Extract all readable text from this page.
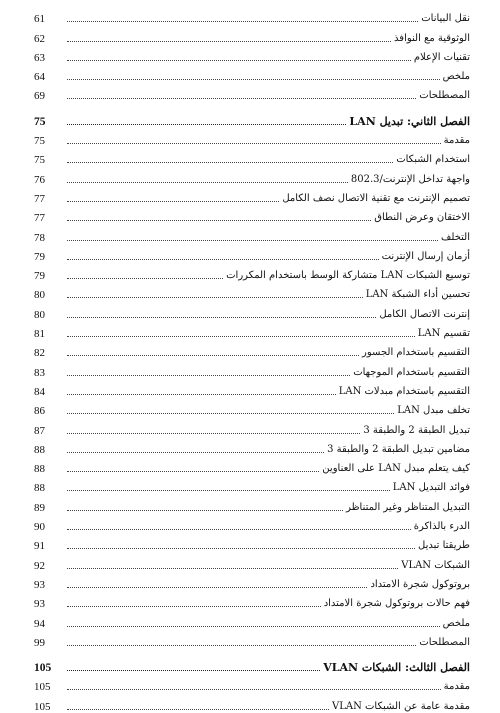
نقل البيانات
61
الوثوقية مع النوافذ
62
تقنيات الإعلام
63
ملخص
64
المصطلحات
69
الفصل الثاني: تبديل LAN
75
مقدمة
75
استخدام الشبكات
75
واجهة تداخل الإنترنت/802.3
76
تصميم الإنترنت مع تقنية الاتصال نصف الكامل
77
الاختقان وعرض النطاق
77
التخلف
78
أزمان إرسال الإنترنت
79
توسيع الشبكات LAN متشاركة الوسط باستخدام المكررات
79
تحسين أداء الشبكة LAN
80
إنترنت الاتصال الكامل
80
تقسيم LAN
81
التقسيم باستخدام الجسور
82
التقسيم باستخدام الموجهات
83
التقسيم باستخدام مبدلات LAN
84
تخلف مبدل LAN
86
تبديل الطبقة 2 والطبقة 3
87
مضامين تبديل الطبقة 2 والطبقة 3
88
كيف يتعلم مبدل LAN على العناوين
88
فوائد التبديل LAN
88
التبديل المتناظر وغير المتناظر
89
الدرء بالذاكرة
90
طريقتا تبديل
91
الشبكات VLAN
92
بروتوكول شجرة الامتداد
93
فهم حالات بروتوكول شجرة الامتداد
93
ملخص
94
المصطلحات
99
الفصل الثالث: الشبكات VLAN
105
مقدمة
105
مقدمة عامة عن الشبكات VLAN
105
